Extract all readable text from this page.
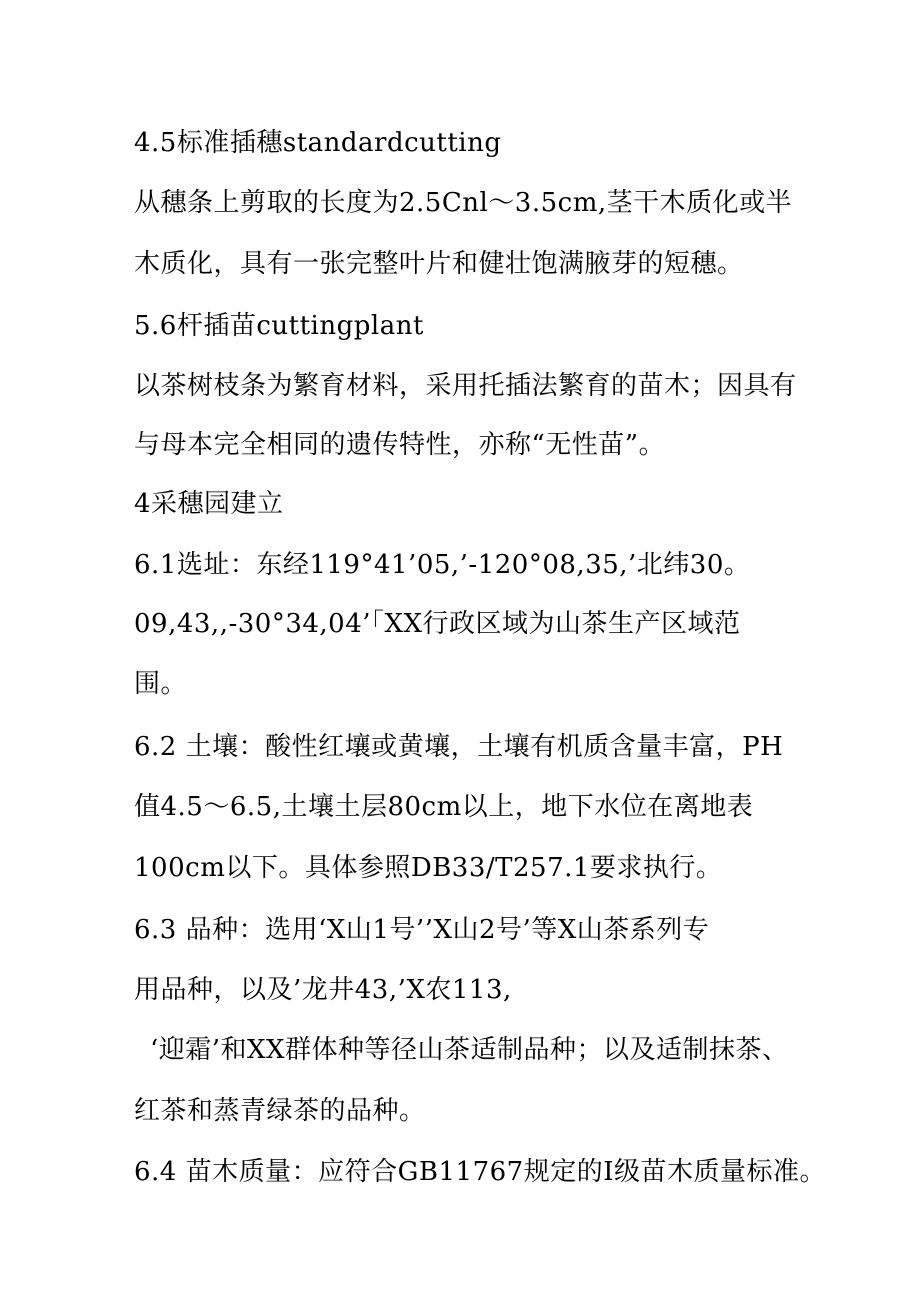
4.5标准插穗standardcutting
从穗条上剪取的长度为2.5Cnl～3.5cm,茎干木质化或半
木质化，具有一张完整叶片和健壮饱满腋芽的短穗。
5.6杆插苗cuttingplant
以茶树枝条为繁育材料，采用托插法繁育的苗木；因具有
与母本完全相同的遗传特性，亦称“无性苗”。
4采穗园建立
6.1选址：东经119°41’05,’-120°08,35,’北纬30。
09,43,,-30°34,04’「XX行政区域为山茶生产区域范
围。
6.2 土壤：酸性红壤或黄壤，土壤有机质含量丰富，PH
值4.5～6.5,土壤土层80cm以上，地下水位在离地表
100cm以下。具体参照DB33/T257.1要求执行。
6.3 品种：选用‘X山1号’’X山2号’等X山茶系列专
用品种，以及’龙井43,’X农113,
‘迎霜’和XX群体种等径山茶适制品种；以及适制抹茶、
红茶和蒸青绿茶的品种。
6.4 苗木质量：应符合GB11767规定的Ⅰ级苗木质量标准。
